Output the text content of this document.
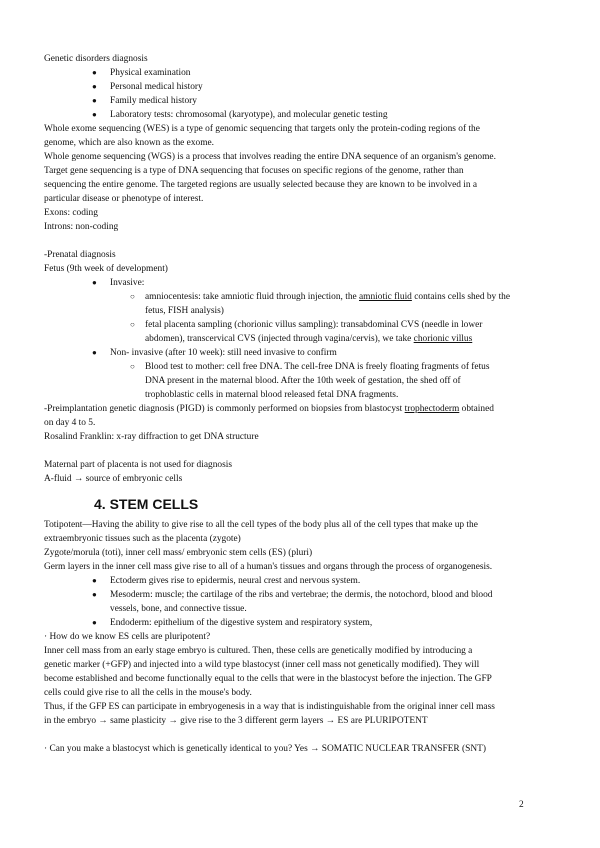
Genetic disorders diagnosis
● Physical examination
● Personal medical history
● Family medical history
● Laboratory tests: chromosomal (karyotype), and molecular genetic testing
Whole exome sequencing (WES) is a type of genomic sequencing that targets only the protein-coding regions of the
genome, which are also known as the exome.
Whole genome sequencing (WGS) is a process that involves reading the entire DNA sequence of an organism's genome.
Target gene sequencing is a type of DNA sequencing that focuses on specific regions of the genome, rather than
sequencing the entire genome. The targeted regions are usually selected because they are known to be involved in a
particular disease or phenotype of interest.
Exons: coding
Introns: non-coding
-Prenatal diagnosis
Fetus (9th week of development)
● Invasive:
○ amniocentesis: take amniotic fluid through injection, the amniotic fluid contains cells shed by the
fetus, FISH analysis)
○ fetal placenta sampling (chorionic villus sampling): transabdominal CVS (needle in lower
abdomen), transcervical CVS (injected through vagina/cervis), we take chorionic villus
● Non- invasive (after 10 week): still need invasive to confirm
○ Blood test to mother: cell free DNA. The cell-free DNA is freely floating fragments of fetus
DNA present in the maternal blood. After the 10th week of gestation, the shed off of
trophoblastic cells in maternal blood released fetal DNA fragments.
-Preimplantation genetic diagnosis (PIGD) is commonly performed on biopsies from blastocyst trophectoderm obtained
on day 4 to 5.
Rosalind Franklin: x-ray diffraction to get DNA structure
Maternal part of placenta is not used for diagnosis
A-fluid → source of embryonic cells
4. STEM CELLS
Totipotent—Having the ability to give rise to all the cell types of the body plus all of the cell types that make up the
extraembryonic tissues such as the placenta (zygote)
Zygote/morula (toti), inner cell mass/ embryonic stem cells (ES) (pluri)
Germ layers in the inner cell mass give rise to all of a human's tissues and organs through the process of organogenesis.
● Ectoderm gives rise to epidermis, neural crest and nervous system.
● Mesoderm: muscle; the cartilage of the ribs and vertebrae; the dermis, the notochord, blood and blood
vessels, bone, and connective tissue.
● Endoderm: epithelium of the digestive system and respiratory system,
· How do we know ES cells are pluripotent?
Inner cell mass from an early stage embryo is cultured. Then, these cells are genetically modified by introducing a
genetic marker (+GFP) and injected into a wild type blastocyst (inner cell mass not genetically modified). They will
become established and become functionally equal to the cells that were in the blastocyst before the injection. The GFP
cells could give rise to all the cells in the mouse's body.
Thus, if the GFP ES can participate in embryogenesis in a way that is indistinguishable from the original inner cell mass
in the embryo → same plasticity → give rise to the 3 different germ layers → ES are PLURIPOTENT
· Can you make a blastocyst which is genetically identical to you? Yes → SOMATIC NUCLEAR TRANSFER (SNT)
2
